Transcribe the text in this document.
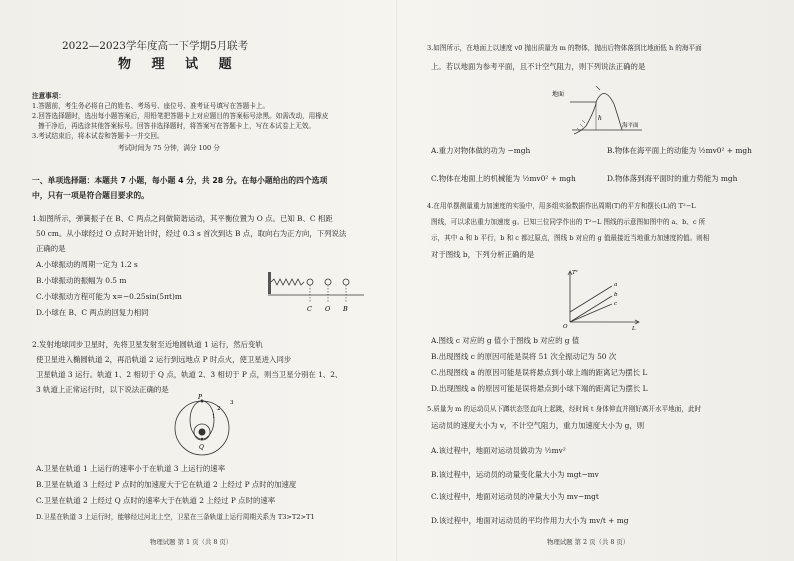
2022—2023学年度高一下学期5月联考
物 理 试 题
注意事项：
1.答题前，考生务必将自己的姓名、考场号、座位号、准考证号填写在答题卡上。
2.回答选择题时，选出每小题答案后，用铅笔把答题卡上对应题目的答案标号涂黑。如需改动，用橡皮
擦干净后，再选涂其他答案标号。回答非选择题时，将答案写在答题卡上，写在本试卷上无效。
3.考试结束后，将本试卷和答题卡一并交回。
考试时间为 75 分钟，满分 100 分
一、单项选择题：本题共 7 小题，每小题 4 分，共 28 分。在每小题给出的四个选项
中，只有一项是符合题目要求的。
1.如图所示，弹簧振子在 B、C 两点之间做简谐运动，其平衡位置为 O 点。已知 B、C 相距
50 cm。从小球经过 O 点时开始计时，经过 0.3 s 首次到达 B 点，取向右为正方向，下列说法
正确的是
A.小球振动的周期一定为 1.2 s
B.小球振动的振幅为 0.5 m
C.小球振动方程可能为 x=−0.25sin(5πt)m
D.小球在 B、C 两点的回复力相同	C O B
2.发射地球同步卫星时，先将卫星发射至近地圆轨道 1 运行，然后变轨
使卫星进入椭圆轨道 2，再沿轨道 2 运行到远地点 P 时点火，使卫星进入同步
卫星轨道 3 运行。轨道 1、2 相切于 Q 点，轨道 2、3 相切于 P 点，则当卫星分别在 1、2、
3 轨道上正常运行时，以下说法正确的是
P
Q
1
2
3
A.卫星在轨道 1 上运行的速率小于在轨道 3 上运行的速率
B.卫星在轨道 3 上经过 P 点时的加速度大于它在轨道 2 上经过 P 点时的加速度
C.卫星在轨道 2 上经过 Q 点时的速率大于在轨道 2 上经过 P 点时的速率
D.卫星在轨道 3 上运行时，能够经过河北上空，卫星在三条轨道上运行周期关系为 T3>T2>T1
物理试题 第 1 页（共 8 页）
3.如图所示，在地面上以速度 v0 抛出质量为 m 的物体，抛出后物体落到比地面低 h 的海平面
上。若以地面为参考平面，且不计空气阻力，则下列说法正确的是
地面
h
海平面
A.重力对物体做的功为 −mgh	B.物体在海平面上的动能为 ½mv0² + mgh
C.物体在地面上的机械能为 ½mv0² + mgh	D.物体落到海平面时的重力势能为 mgh
4.在用单摆测量重力加速度的实验中，用多组实验数据作出周期(T)的平方和摆长(L)的 T²−L
图线，可以求出重力加速度 g。已知三位同学作出的 T²−L 图线的示意图如图中的 a、b、c 所
示，其中 a 和 b 平行，b 和 c 都过原点，图线 b 对应的 g 值最接近当地重力加速度的值。则相
对于图线 b，下列分析正确的是
T²
O	L
a
b
c
A.图线 c 对应的 g 值小于图线 b 对应的 g 值
B.出现图线 c 的原因可能是误将 51 次全振动记为 50 次
C.出现图线 a 的原因可能是误将悬点到小球上端的距离记为摆长 L
D.出现图线 a 的原因可能是误将悬点到小球下端的距离记为摆长 L
5.质量为 m 的运动员从下蹲状态竖直向上起跳，经时间 t 身体伸直并刚好离开水平地面，此时
运动员的速度大小为 v，不计空气阻力，重力加速度大小为 g，则
A.该过程中，地面对运动员做功为 ½mv²
B.该过程中，运动员的动量变化量大小为 mgt−mv
C.该过程中，地面对运动员的冲量大小为 mv−mgt
D.该过程中，地面对运动员的平均作用力大小为 mv/t + mg
物理试题 第 2 页（共 8 页）
